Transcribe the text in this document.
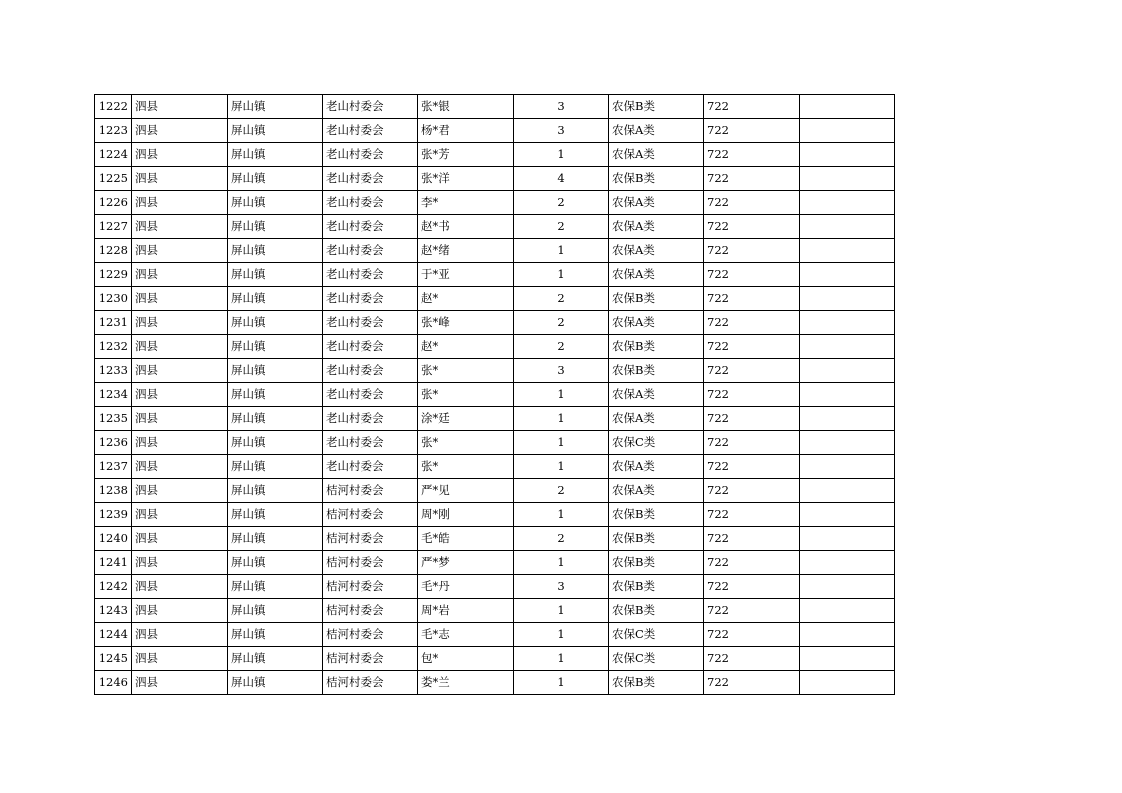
1222	泗县	屏山镇	老山村委会	张*银	3	农保B类	722	
1223	泗县	屏山镇	老山村委会	杨*君	3	农保A类	722	
1224	泗县	屏山镇	老山村委会	张*芳	1	农保A类	722	
1225	泗县	屏山镇	老山村委会	张*洋	4	农保B类	722	
1226	泗县	屏山镇	老山村委会	李*	2	农保A类	722	
1227	泗县	屏山镇	老山村委会	赵*书	2	农保A类	722	
1228	泗县	屏山镇	老山村委会	赵*绪	1	农保A类	722	
1229	泗县	屏山镇	老山村委会	于*亚	1	农保A类	722	
1230	泗县	屏山镇	老山村委会	赵*	2	农保B类	722	
1231	泗县	屏山镇	老山村委会	张*峰	2	农保A类	722	
1232	泗县	屏山镇	老山村委会	赵*	2	农保B类	722	
1233	泗县	屏山镇	老山村委会	张*	3	农保B类	722	
1234	泗县	屏山镇	老山村委会	张*	1	农保A类	722	
1235	泗县	屏山镇	老山村委会	涂*廷	1	农保A类	722	
1236	泗县	屏山镇	老山村委会	张*	1	农保C类	722	
1237	泗县	屏山镇	老山村委会	张*	1	农保A类	722	
1238	泗县	屏山镇	桔河村委会	严*见	2	农保A类	722	
1239	泗县	屏山镇	桔河村委会	周*刚	1	农保B类	722	
1240	泗县	屏山镇	桔河村委会	毛*皓	2	农保B类	722	
1241	泗县	屏山镇	桔河村委会	严*梦	1	农保B类	722	
1242	泗县	屏山镇	桔河村委会	毛*丹	3	农保B类	722	
1243	泗县	屏山镇	桔河村委会	周*岩	1	农保B类	722	
1244	泗县	屏山镇	桔河村委会	毛*志	1	农保C类	722	
1245	泗县	屏山镇	桔河村委会	包*	1	农保C类	722	
1246	泗县	屏山镇	桔河村委会	娄*兰	1	农保B类	722	
